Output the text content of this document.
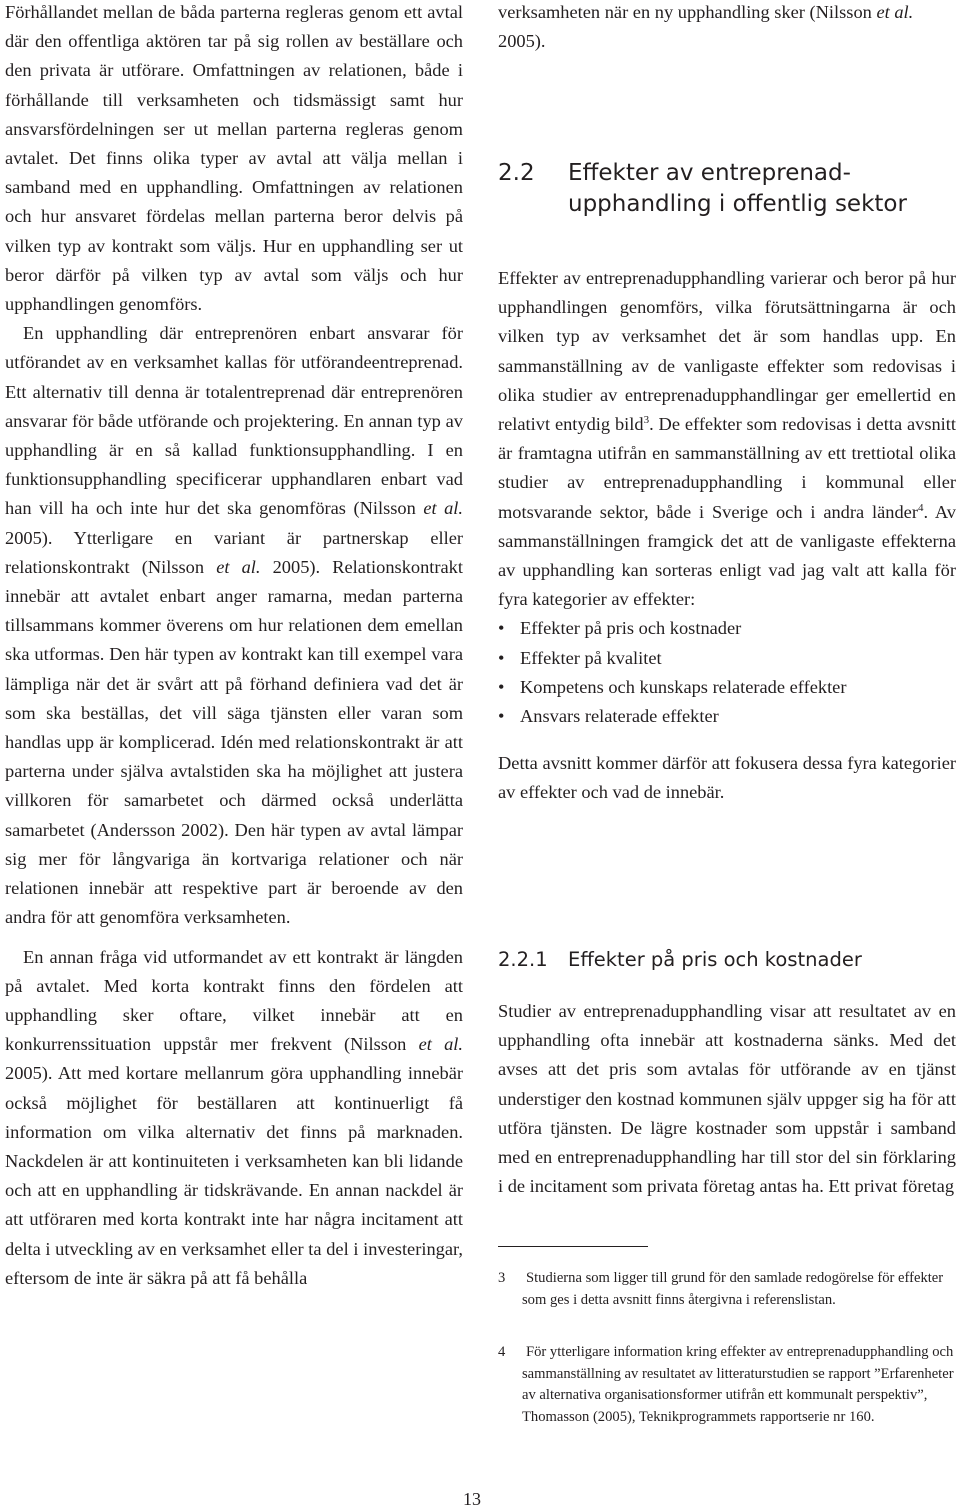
Förhållandet mellan de båda parterna regleras genom ett avtal där den offentliga aktören tar på sig rollen av beställare och den privata är utförare. Omfattningen av relationen, både i förhållande till verksamheten och tidsmässigt samt hur ansvarsfördelningen ser ut mellan parterna regleras genom avtalet. Det finns olika typer av avtal att välja mellan i samband med en upphandling. Omfattningen av relationen och hur ansvaret fördelas mellan parterna beror delvis på vilken typ av kontrakt som väljs. Hur en upphandling ser ut beror därför på vilken typ av avtal som väljs och hur upphandlingen genomförs.

En upphandling där entreprenören enbart ansvarar för utförandet av en verksamhet kallas för utförandeentreprenad. Ett alternativ till denna är totalentreprenad där entreprenören ansvarar för både utförande och projektering. En annan typ av upphandling är en så kallad funktionsupphandling. I en funktionsupphandling specificerar upphandlaren enbart vad han vill ha och inte hur det ska genomföras (Nilsson et al. 2005). Ytterligare en variant är partnerskap eller relationskontrakt (Nilsson et al. 2005). Relationskontrakt innebär att avtalet enbart anger ramarna, medan parterna tillsammans kommer överens om hur relationen dem emellan ska utformas. Den här typen av kontrakt kan till exempel vara lämpliga när det är svårt att på förhand definiera vad det är som ska beställas, det vill säga tjänsten eller varan som handlas upp är komplicerad. Idén med relationskontrakt är att parterna under själva avtalstiden ska ha möjlighet att justera villkoren för samarbetet och därmed också underlätta samarbetet (Andersson 2002). Den här typen av avtal lämpar sig mer för långvariga än kortvariga relationer och när relationen innebär att respektive part är beroende av den andra för att genomföra verksamheten.

En annan fråga vid utformandet av ett kontrakt är längden på avtalet. Med korta kontrakt finns den fördelen att upphandling sker oftare, vilket innebär att en konkurrenssituation uppstår mer frekvent (Nilsson et al. 2005). Att med kortare mellanrum göra upphandling innebär också möjlighet för beställaren att kontinuerligt få information om vilka alternativ det finns på marknaden. Nackdelen är att kontinuiteten i verksamheten kan bli lidande och att en upphandling är tidskrävande. En annan nackdel är att utföraren med korta kontrakt inte har några incitament att delta i utveckling av en verksamhet eller ta del i investeringar, eftersom de inte är säkra på att få behålla

verksamheten när en ny upphandling sker (Nilsson et al. 2005).

2.2 Effekter av entreprenad-
upphandling i offentlig sektor

Effekter av entreprenadupphandling varierar och beror på hur upphandlingen genomförs, vilka förutsättningarna är och vilken typ av verksamhet det är som handlas upp. En sammanställning av de vanligaste effekter som redovisas i olika studier av entreprenadupphandlingar ger emellertid en relativt entydig bild$^3$. De effekter som redovisas i detta avsnitt är framtagna utifrån en sammanställning av ett trettiotal olika studier av entreprenadupphandling i kommunal eller motsvarande sektor, både i Sverige och i andra länder$^4$. Av sammanställningen framgick det att de vanligaste effekterna av upphandling kan sorteras enligt vad jag valt att kalla för fyra kategorier av effekter:

• Effekter på pris och kostnader
• Effekter på kvalitet
• Kompetens och kunskaps relaterade effekter
• Ansvars relaterade effekter

Detta avsnitt kommer därför att fokusera dessa fyra kategorier av effekter och vad de innebär.

2.2.1 Effekter på pris och kostnader

Studier av entreprenadupphandling visar att resultatet av en upphandling ofta innebär att kostnaderna sänks. Med det avses att det pris som avtalas för utförande av en tjänst understiger den kostnad kommunen själv uppger sig ha för att utföra tjänsten. De lägre kostnader som uppstår i samband med en entreprenadupphandling har till stor del sin förklaring i de incitament som privata företag antas ha. Ett privat företag

3 Studierna som ligger till grund för den samlade redogörelse för effekter som ges i detta avsnitt finns återgivna i referenslistan.
4 För ytterligare information kring effekter av entreprenadupphandling och sammanställning av resultatet av litteraturstudien se rapport ”Erfarenheter av alternativa organisationsformer utifrån ett kommunalt perspektiv”, Thomasson (2005), Teknikprogrammets rapportserie nr 160.
13
